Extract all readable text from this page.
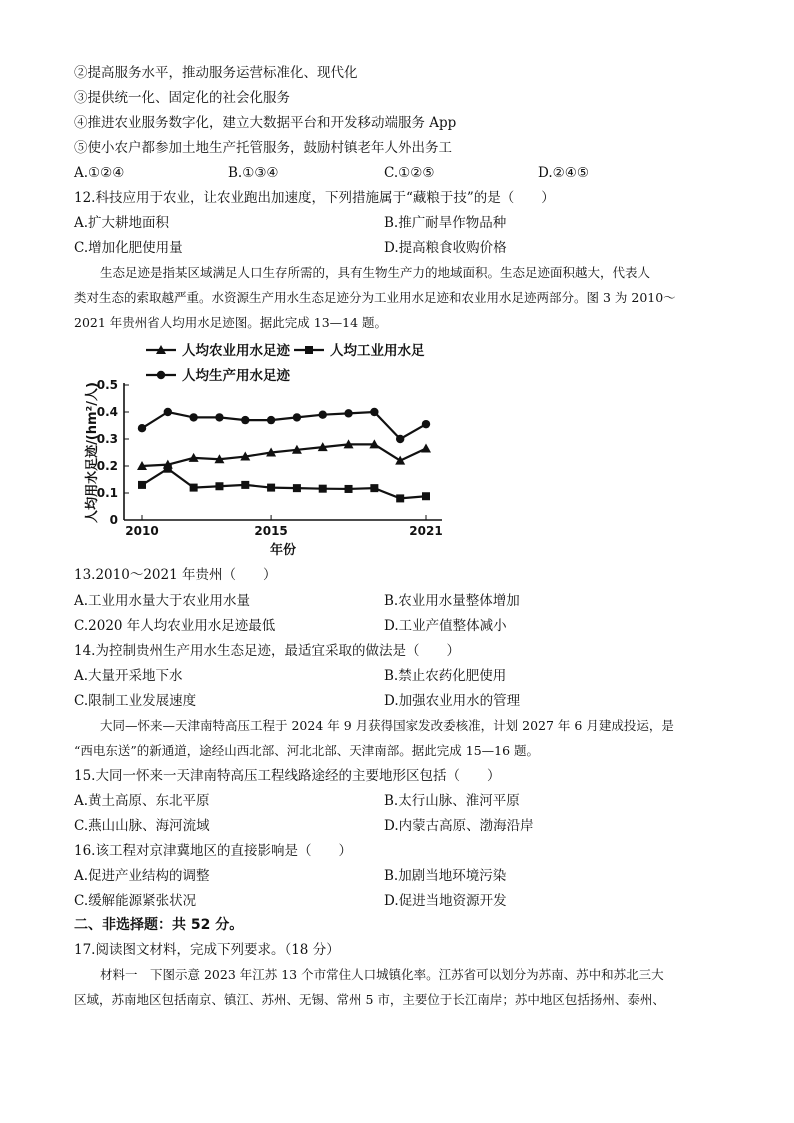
②提高服务水平，推动服务运营标准化、现代化
③提供统一化、固定化的社会化服务
④推进农业服务数字化，建立大数据平台和开发移动端服务 App
⑤使小农户都参加土地生产托管服务，鼓励村镇老年人外出务工
A.①②④	B.①③④	C.①②⑤	D.②④⑤
12.科技应用于农业，让农业跑出加速度，下列措施属于“藏粮于技”的是（　　）
A.扩大耕地面积	B.推广耐旱作物品种
C.增加化肥使用量	D.提高粮食收购价格
生态足迹是指某区域满足人口生存所需的，具有生物生产力的地域面积。生态足迹面积越大，代表人
类对生态的索取越严重。水资源生产用水生态足迹分为工业用水足迹和农业用水足迹两部分。图 3 为 2010～
2021 年贵州省人均用水足迹图。据此完成 13—14 题。
0
0.1
0.2
0.3
0.4
0.5
2010	2015	2021
年份
人均用水足迹/(hm²/人)
人均农业用水足迹	人均工业用水足
人均生产用水足迹
13.2010～2021 年贵州（　　）
A.工业用水量大于农业用水量	B.农业用水量整体增加
C.2020 年人均农业用水足迹最低	D.工业产值整体减小
14.为控制贵州生产用水生态足迹，最适宜采取的做法是（　　）
A.大量开采地下水	B.禁止农药化肥使用
C.限制工业发展速度	D.加强农业用水的管理
大同—怀来—天津南特高压工程于 2024 年 9 月获得国家发改委核准，计划 2027 年 6 月建成投运，是
“西电东送”的新通道，途经山西北部、河北北部、天津南部。据此完成 15—16 题。
15.大同一怀来一天津南特高压工程线路途经的主要地形区包括（　　）
A.黄土高原、东北平原	B.太行山脉、淮河平原
C.燕山山脉、海河流域	D.内蒙古高原、渤海沿岸
16.该工程对京津冀地区的直接影响是（　　）
A.促进产业结构的调整	B.加剧当地环境污染
C.缓解能源紧张状况	D.促进当地资源开发
二、非选择题：共 52 分。
17.阅读图文材料，完成下列要求。（18 分）
材料一　下图示意 2023 年江苏 13 个市常住人口城镇化率。江苏省可以划分为苏南、苏中和苏北三大
区域，苏南地区包括南京、镇江、苏州、无锡、常州 5 市，主要位于长江南岸；苏中地区包括扬州、泰州、
